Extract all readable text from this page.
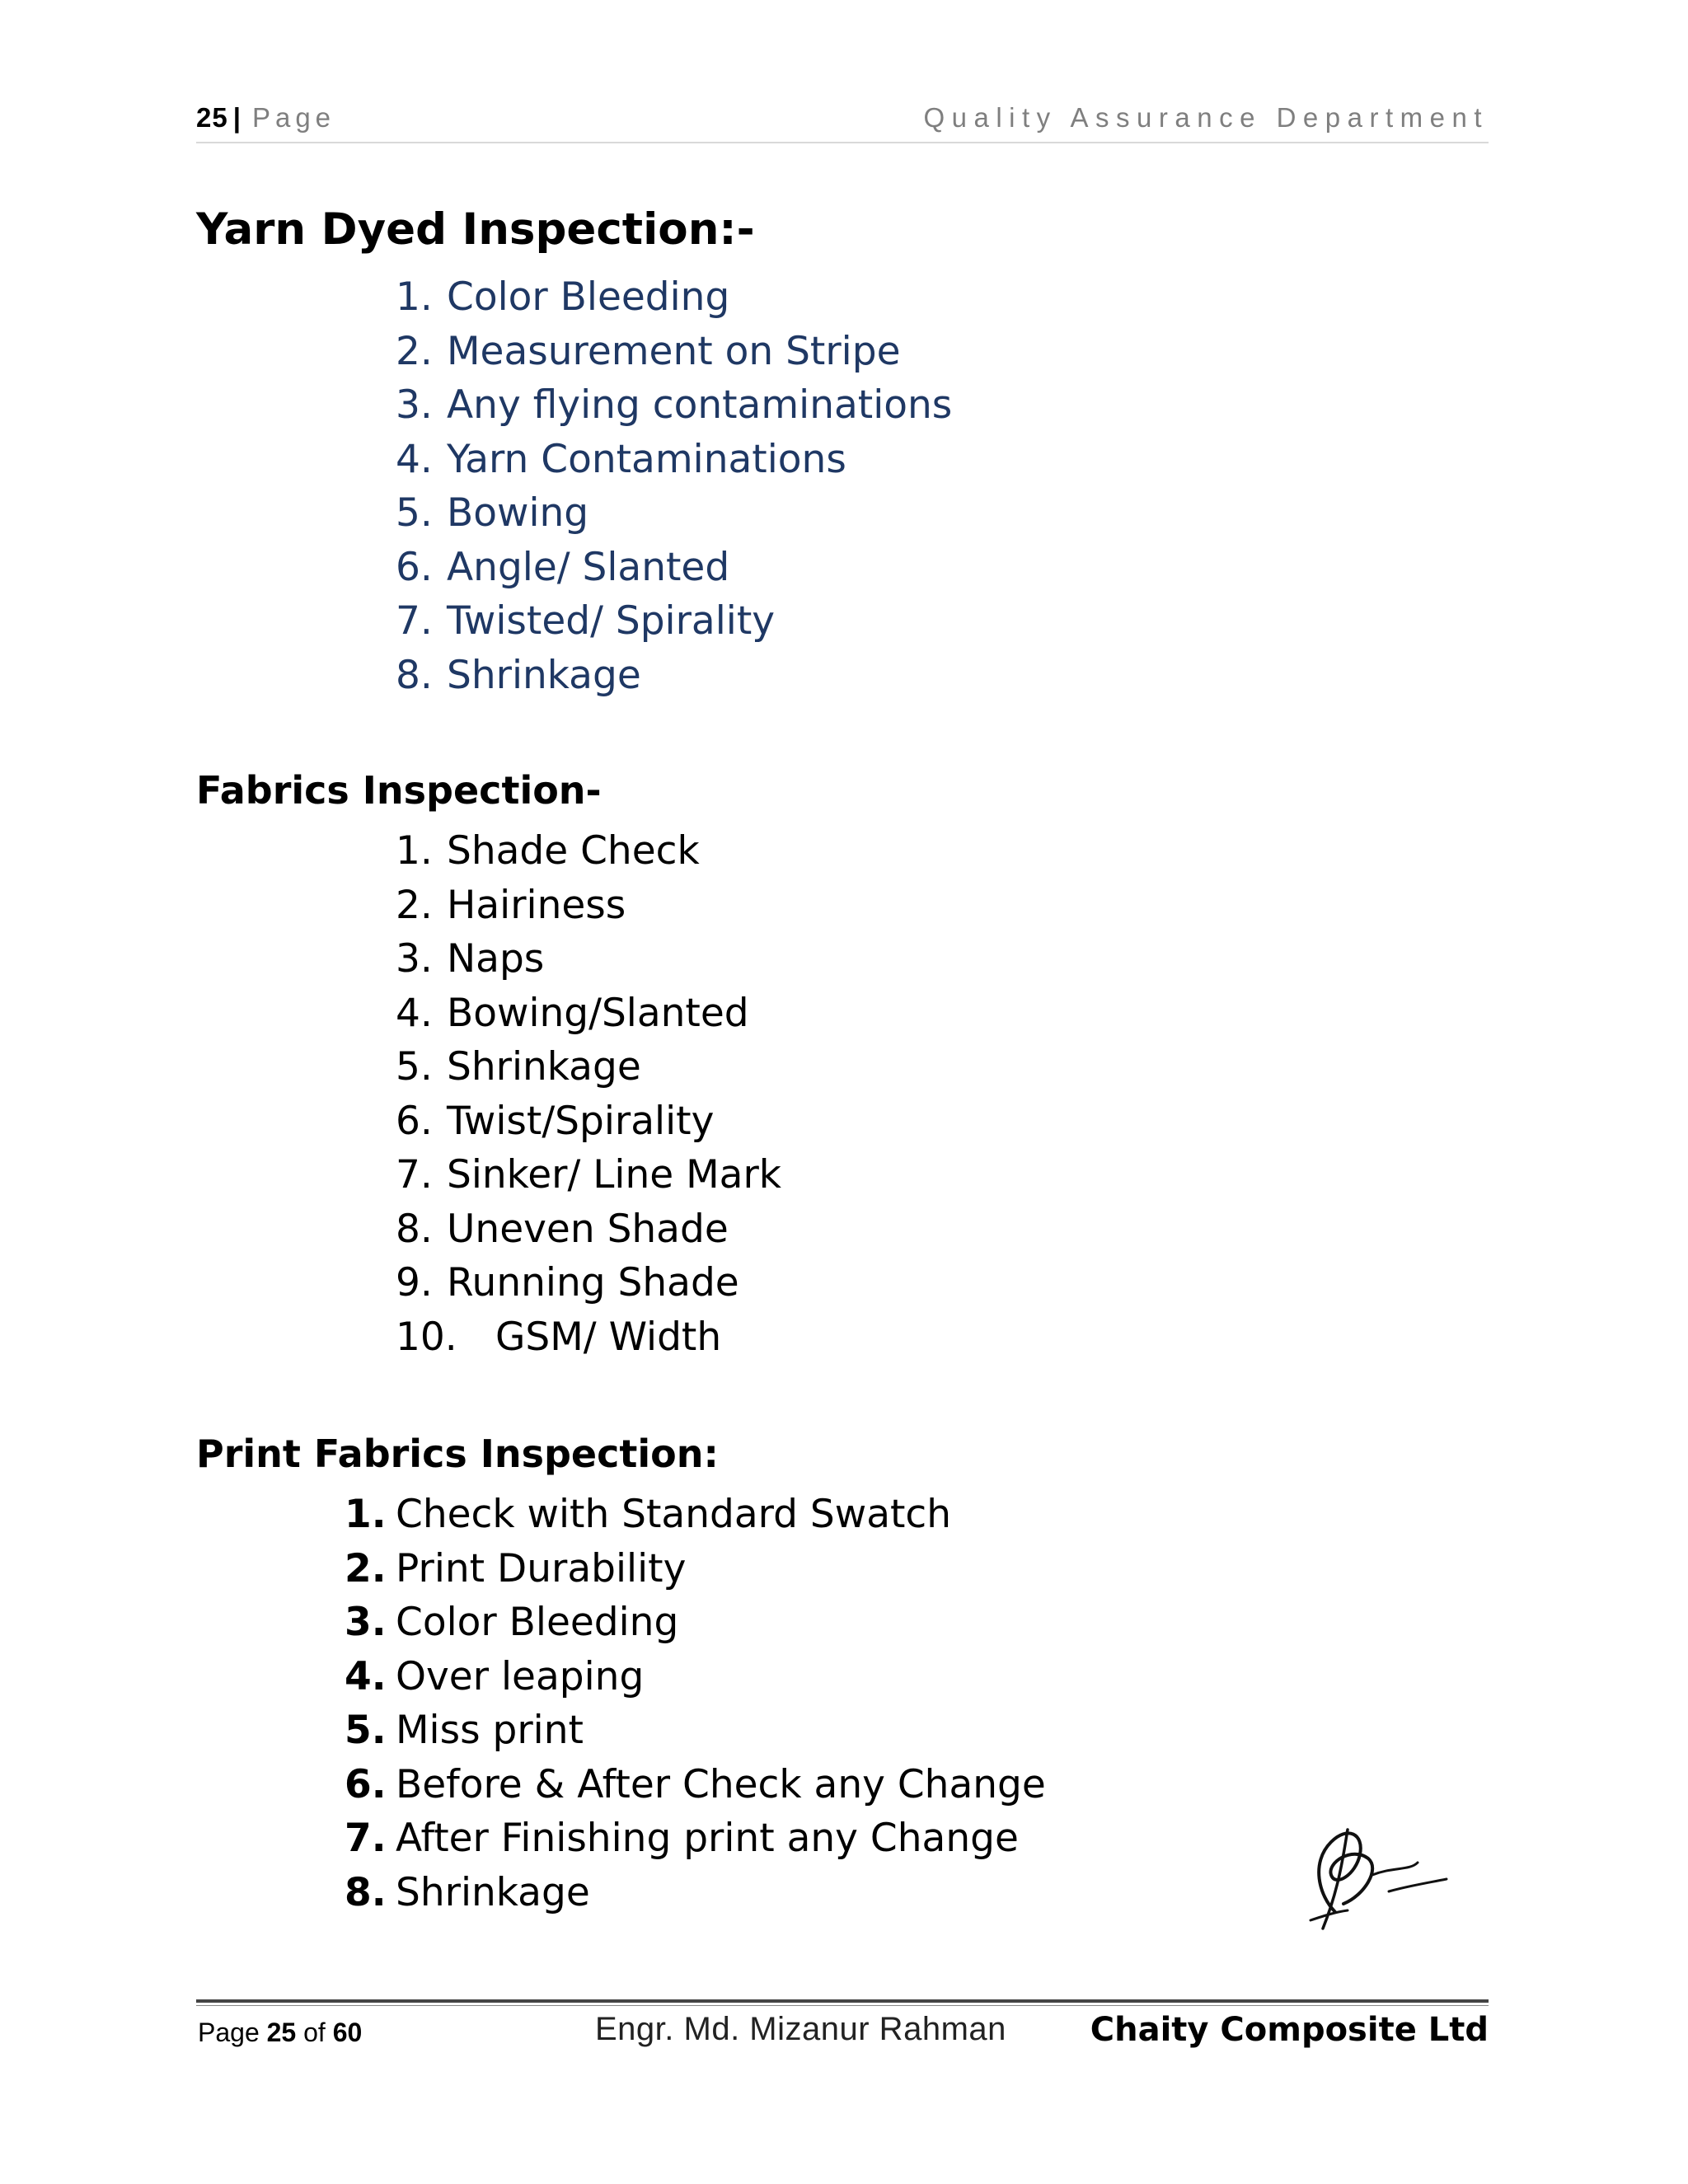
25 | Page	Quality Assurance Department
Yarn Dyed Inspection:-
1. Color Bleeding
2. Measurement on Stripe
3. Any flying contaminations
4. Yarn Contaminations
5. Bowing
6. Angle/ Slanted
7. Twisted/ Spirality
8. Shrinkage
Fabrics Inspection-
1. Shade Check
2. Hairiness
3. Naps
4. Bowing/Slanted
5. Shrinkage
6. Twist/Spirality
7. Sinker/ Line Mark
8. Uneven Shade
9. Running Shade
10. GSM/ Width
Print Fabrics Inspection:
1. Check with Standard Swatch
2. Print Durability
3. Color Bleeding
4. Over leaping
5. Miss print
6. Before & After Check any Change
7. After Finishing print any Change
8. Shrinkage
Page 25 of 60	Engr. Md. Mizanur Rahman	Chaity Composite Ltd
